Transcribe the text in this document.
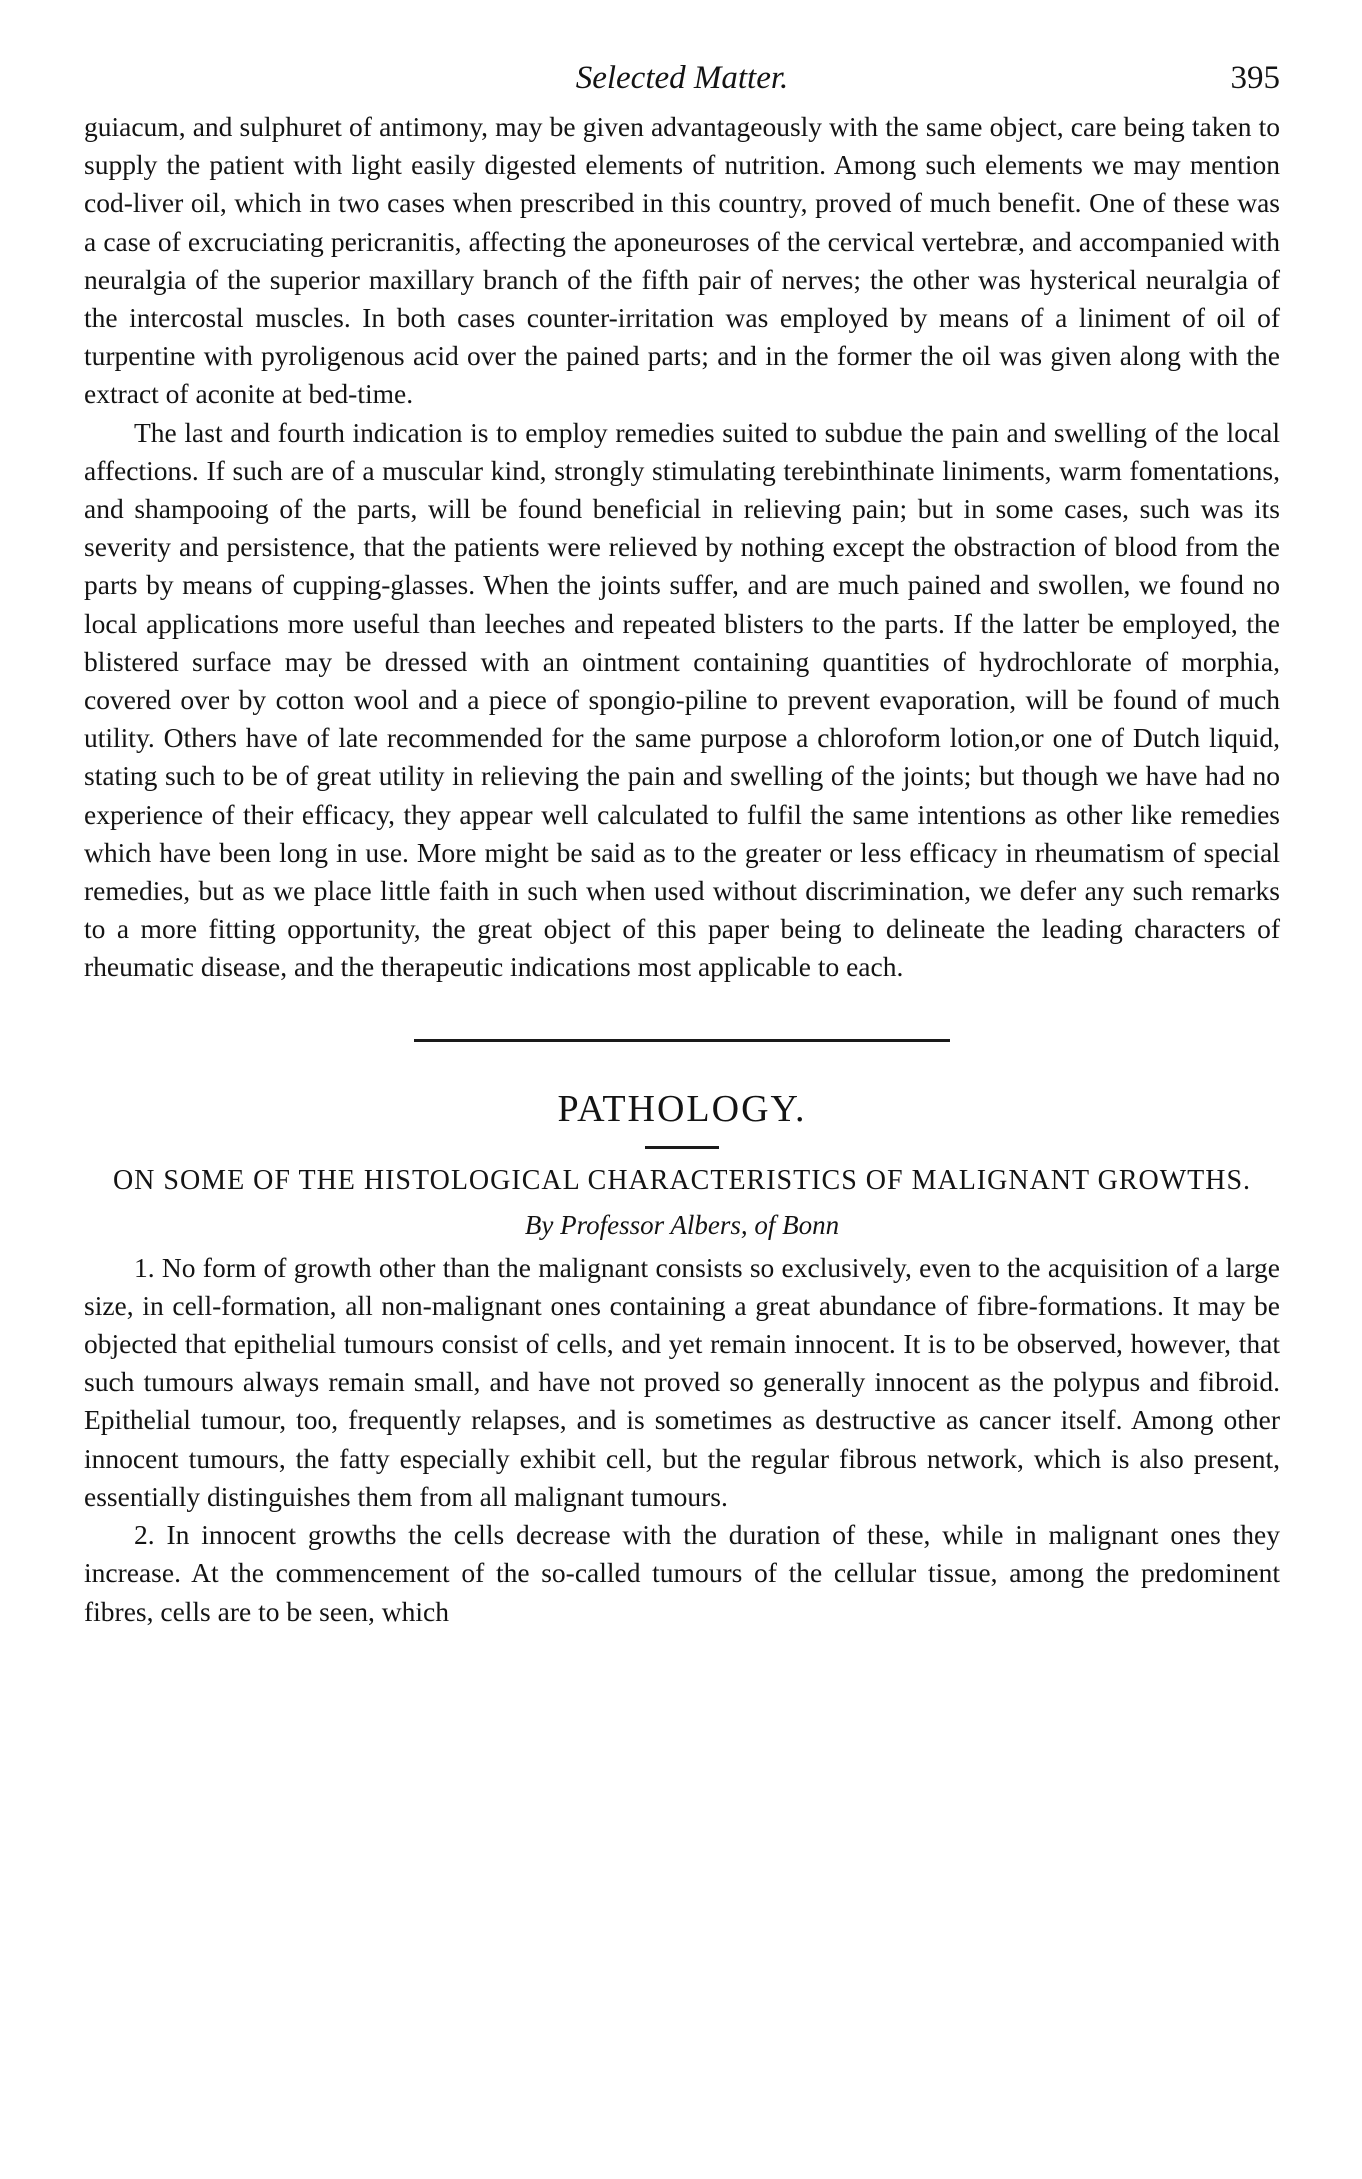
Selected Matter.	395

guiacum, and sulphuret of antimony, may be given advantageously with the same object, care being taken to supply the patient with light easily digested elements of nutrition. Among such elements we may mention cod-liver oil, which in two cases when prescribed in this country, proved of much benefit. One of these was a case of excruciating pericranitis, affecting the aponeuroses of the cervical vertebræ, and accompanied with neuralgia of the superior maxillary branch of the fifth pair of nerves; the other was hysterical neuralgia of the intercostal muscles. In both cases counter-irritation was employed by means of a liniment of oil of turpentine with pyroligenous acid over the pained parts; and in the former the oil was given along with the extract of aconite at bed-time.

The last and fourth indication is to employ remedies suited to subdue the pain and swelling of the local affections. If such are of a muscular kind, strongly stimulating terebinthinate liniments, warm fomentations, and shampooing of the parts, will be found beneficial in relieving pain; but in some cases, such was its severity and persistence, that the patients were relieved by nothing except the obstraction of blood from the parts by means of cupping-glasses. When the joints suffer, and are much pained and swollen, we found no local applications more useful than leeches and repeated blisters to the parts. If the latter be employed, the blistered surface may be dressed with an ointment containing quantities of hydrochlorate of morphia, covered over by cotton wool and a piece of spongio-piline to prevent evaporation, will be found of much utility. Others have of late recommended for the same purpose a chloroform lotion,or one of Dutch liquid, stating such to be of great utility in relieving the pain and swelling of the joints; but though we have had no experience of their efficacy, they appear well calculated to fulfil the same intentions as other like remedies which have been long in use. More might be said as to the greater or less efficacy in rheumatism of special remedies, but as we place little faith in such when used without discrimination, we defer any such remarks to a more fitting opportunity, the great object of this paper being to delineate the leading characters of rheumatic disease, and the therapeutic indications most applicable to each.

PATHOLOGY.
ON SOME OF THE HISTOLOGICAL CHARACTERISTICS OF MALIGNANT GROWTHS.
By Professor Albers, of Bonn

1. No form of growth other than the malignant consists so exclusively, even to the acquisition of a large size, in cell-formation, all non-malignant ones containing a great abundance of fibre-formations. It may be objected that epithelial tumours consist of cells, and yet remain innocent. It is to be observed, however, that such tumours always remain small, and have not proved so generally innocent as the polypus and fibroid. Epithelial tumour, too, frequently relapses, and is sometimes as destructive as cancer itself. Among other innocent tumours, the fatty especially exhibit cell, but the regular fibrous network, which is also present, essentially distinguishes them from all malignant tumours.

2. In innocent growths the cells decrease with the duration of these, while in malignant ones they increase. At the commencement of the so-called tumours of the cellular tissue, among the predominent fibres, cells are to be seen, which
